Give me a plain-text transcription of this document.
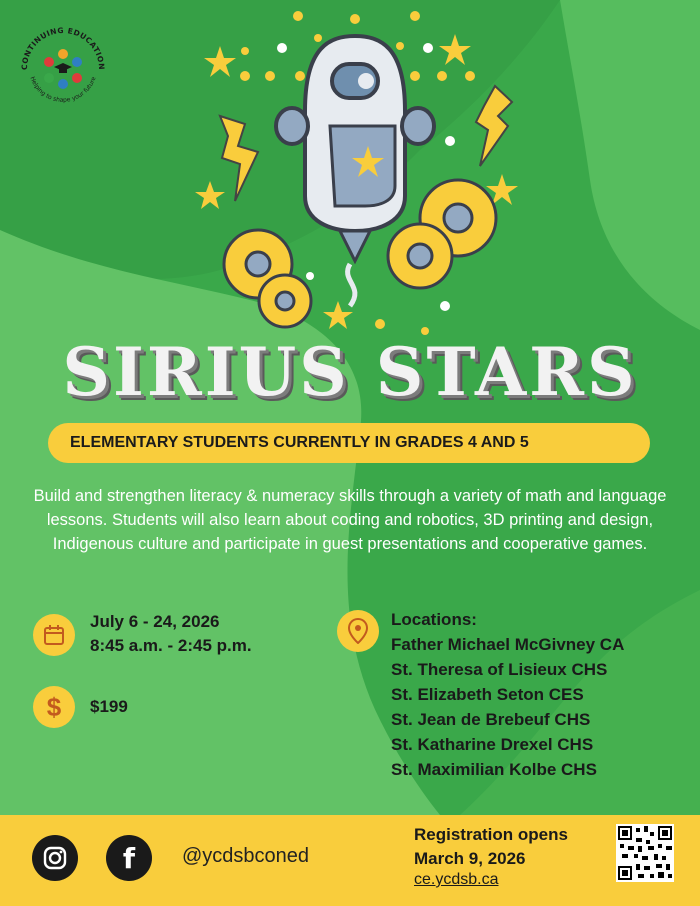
CONTINUING EDUCATION
Helping to shape your future
SIRIUS STARS
ELEMENTARY STUDENTS CURRENTLY IN GRADES 4 AND 5

Build and strengthen literacy & numeracy skills through a variety of math and language lessons. Students will also learn about coding and robotics, 3D printing and design, Indigenous culture and participate in guest presentations and cooperative games.

July 6 - 24, 2026
8:45 a.m. - 2:45 p.m.
$ $199
Locations:
Father Michael McGivney CA
St. Theresa of Lisieux CHS
St. Elizabeth Seton CES
St. Jean de Brebeuf CHS
St. Katharine Drexel CHS
St. Maximilian Kolbe CHS
f @ycdsbconed
Registration opens
March 9, 2026
ce.ycdsb.ca
